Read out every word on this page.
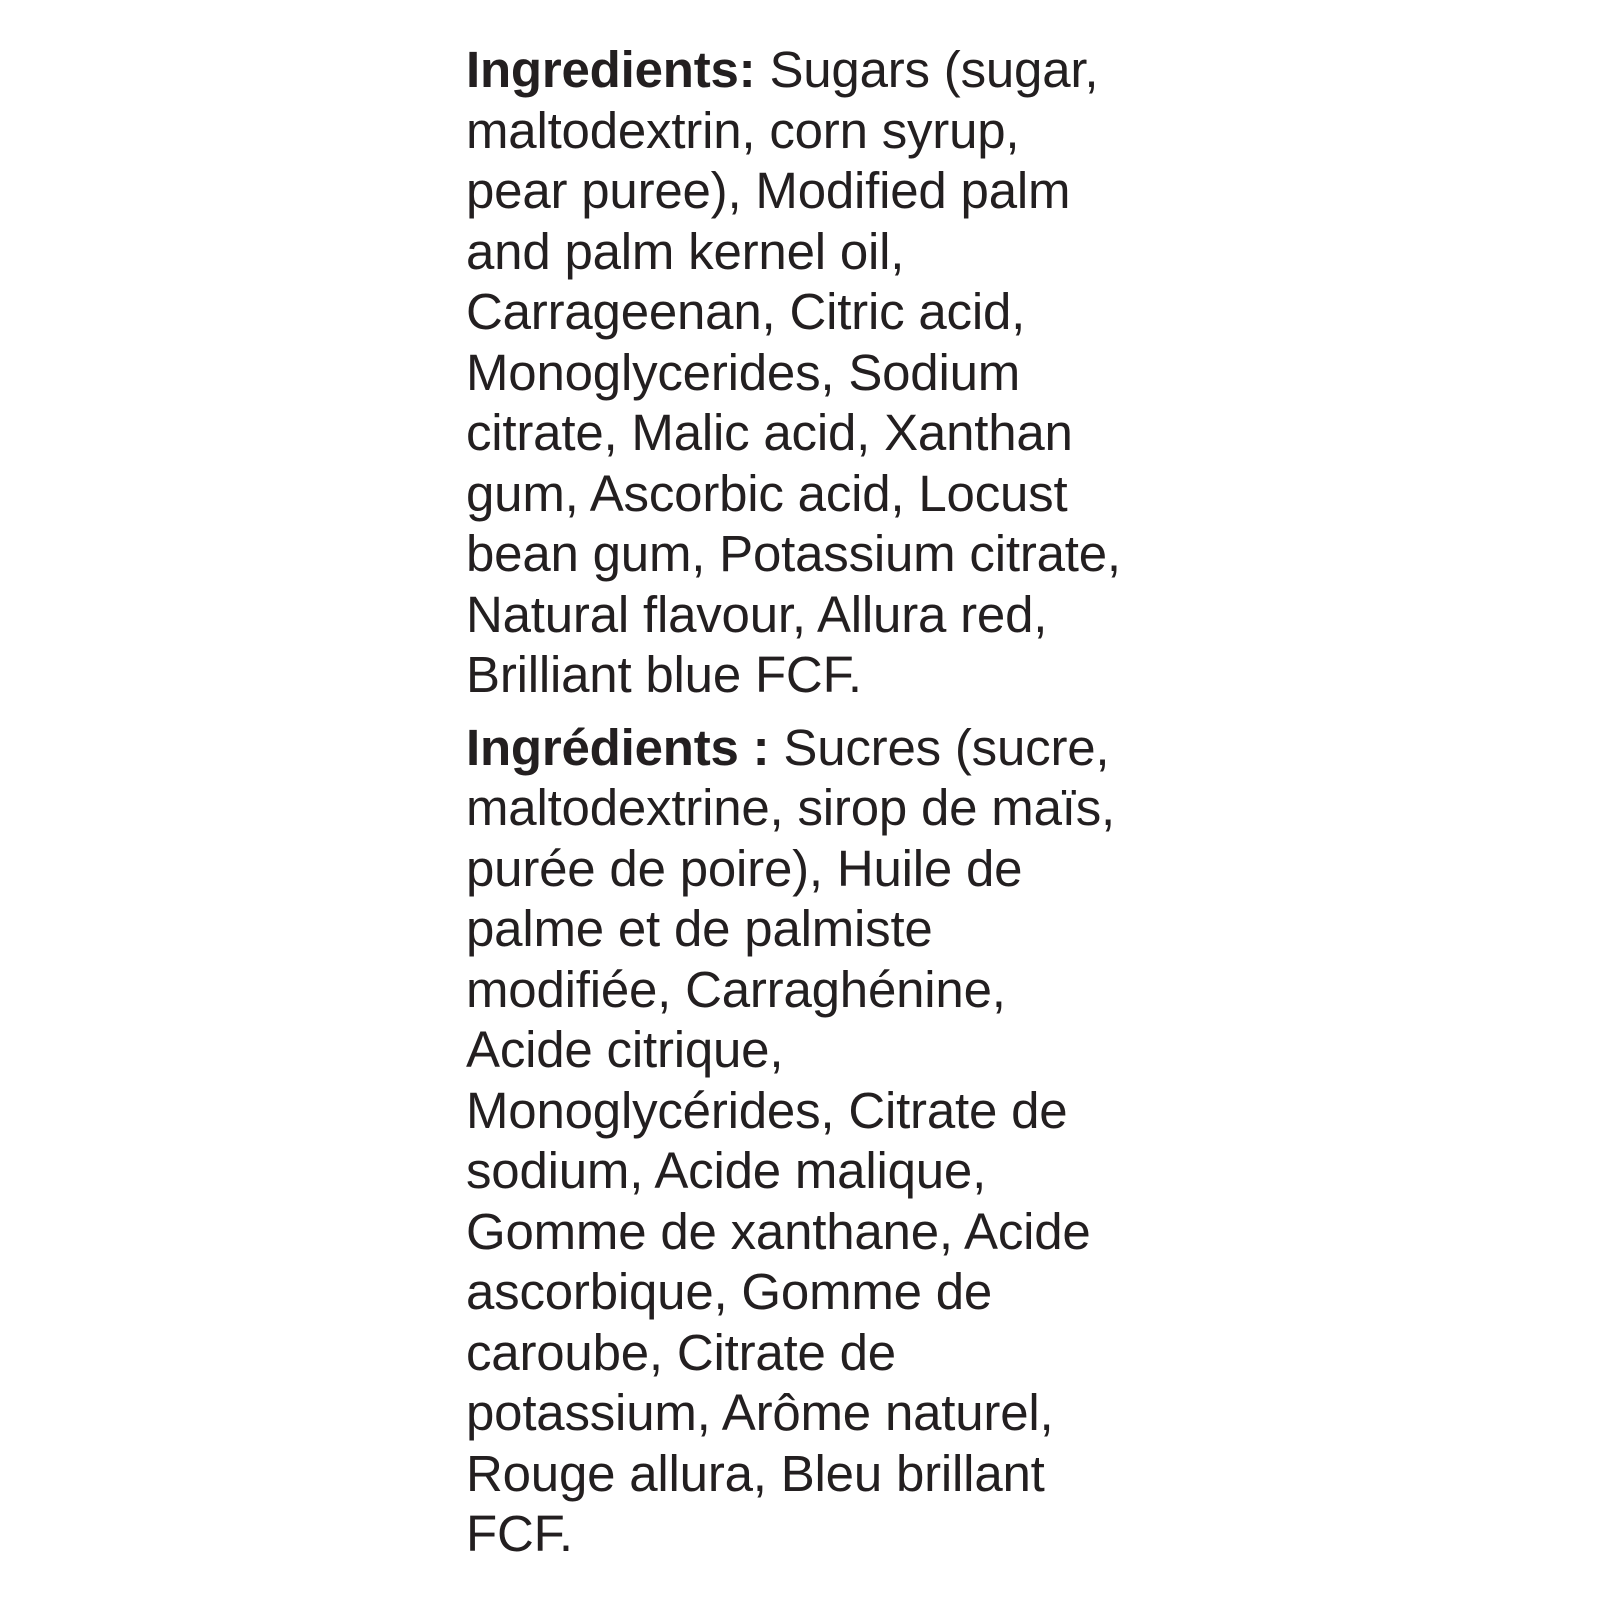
Ingredients: Sugars (sugar,
maltodextrin, corn syrup,
pear puree), Modified palm
and palm kernel oil,
Carrageenan, Citric acid,
Monoglycerides, Sodium
citrate, Malic acid, Xanthan
gum, Ascorbic acid, Locust
bean gum, Potassium citrate,
Natural flavour, Allura red,
Brilliant blue FCF.

Ingrédients : Sucres (sucre,
maltodextrine, sirop de maïs,
purée de poire), Huile de
palme et de palmiste
modifiée, Carraghénine,
Acide citrique,
Monoglycérides, Citrate de
sodium, Acide malique,
Gomme de xanthane, Acide
ascorbique, Gomme de
caroube, Citrate de
potassium, Arôme naturel,
Rouge allura, Bleu brillant
FCF.
